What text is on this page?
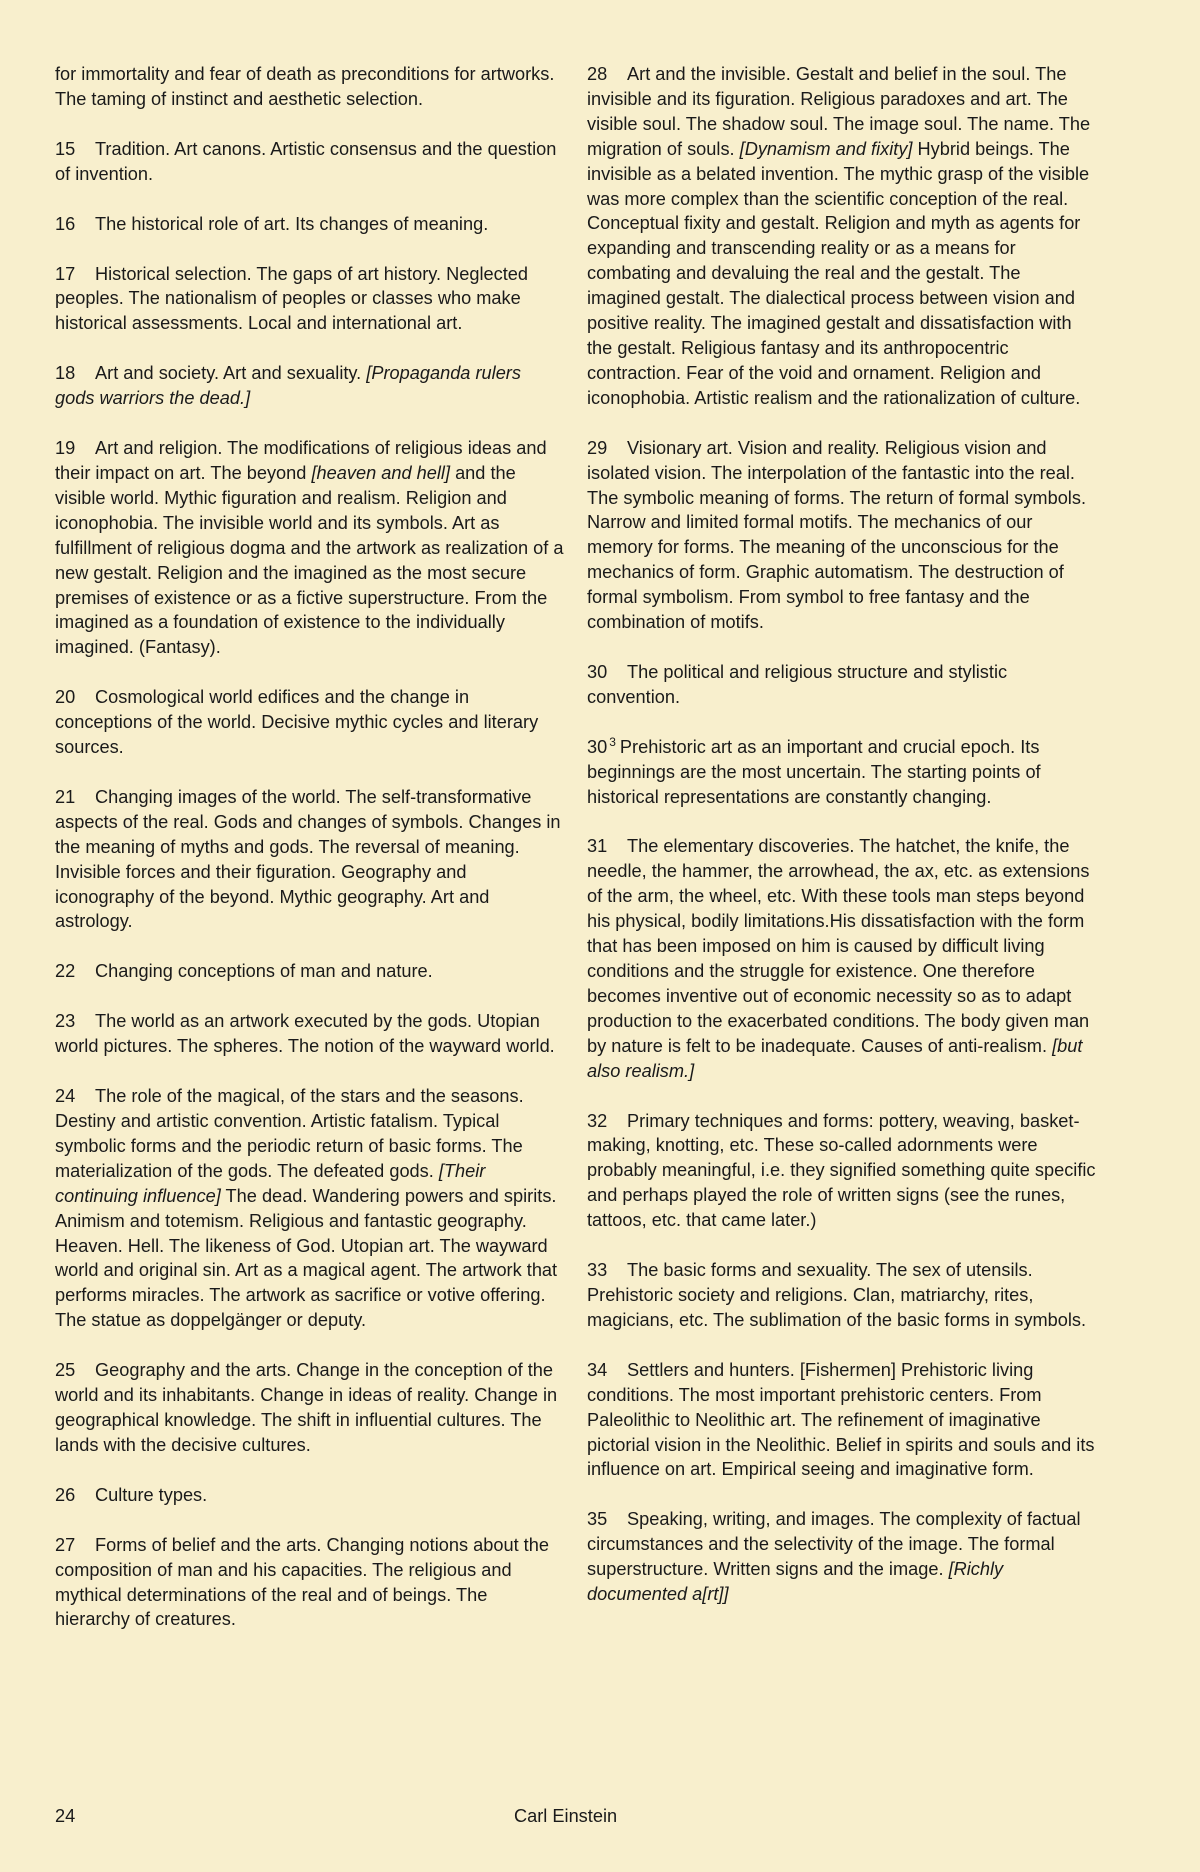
for immortality and fear of death as preconditions for artworks. The taming of instinct and aesthetic selection.

15 Tradition. Art canons. Artistic consensus and the question of invention.

16 The historical role of art. Its changes of meaning.

17 Historical selection. The gaps of art history. Neglected peoples. The nationalism of peoples or classes who make historical assessments. Local and international art.

18 Art and society. Art and sexuality. [Propaganda rulers gods warriors the dead.]

19 Art and religion. The modifications of religious ideas and their impact on art. The beyond [heaven and hell] and the visible world. Mythic figuration and realism. Religion and iconophobia. The invisible world and its symbols. Art as fulfillment of religious dogma and the artwork as realization of a new gestalt. Religion and the imagined as the most secure premises of existence or as a fictive superstructure. From the imagined as a foundation of existence to the individually imagined. (Fantasy).

20 Cosmological world edifices and the change in conceptions of the world. Decisive mythic cycles and literary sources.

21 Changing images of the world. The self-transformative aspects of the real. Gods and changes of symbols. Changes in the meaning of myths and gods. The reversal of meaning. Invisible forces and their figuration. Geography and iconography of the beyond. Mythic geography. Art and astrology.

22 Changing conceptions of man and nature.

23 The world as an artwork executed by the gods. Utopian world pictures. The spheres. The notion of the wayward world.

24 The role of the magical, of the stars and the seasons. Destiny and artistic convention. Artistic fatalism. Typical symbolic forms and the periodic return of basic forms. The materialization of the gods. The defeated gods. [Their continuing influence] The dead. Wandering powers and spirits. Animism and totemism. Religious and fantastic geography. Heaven. Hell. The likeness of God. Utopian art. The wayward world and original sin. Art as a magical agent. The artwork that performs miracles. The artwork as sacrifice or votive offering. The statue as doppelgänger or deputy.

25 Geography and the arts. Change in the conception of the world and its inhabitants. Change in ideas of reality. Change in geographical knowledge. The shift in influential cultures. The lands with the decisive cultures.

26 Culture types.

27 Forms of belief and the arts. Changing notions about the composition of man and his capacities. The religious and mythical determinations of the real and of beings. The hierarchy of creatures.

28 Art and the invisible. Gestalt and belief in the soul. The invisible and its figuration. Religious paradoxes and art. The visible soul. The shadow soul. The image soul. The name. The migration of souls. [Dynamism and fixity] Hybrid beings. The invisible as a belated invention. The mythic grasp of the visible was more complex than the scientific conception of the real. Conceptual fixity and gestalt. Religion and myth as agents for expanding and transcending reality or as a means for combating and devaluing the real and the gestalt. The imagined gestalt. The dialectical process between vision and positive reality. The imagined gestalt and dissatisfaction with the gestalt. Religious fantasy and its anthropocentric contraction. Fear of the void and ornament. Religion and iconophobia. Artistic realism and the rationalization of culture.

29 Visionary art. Vision and reality. Religious vision and isolated vision. The interpolation of the fantastic into the real. The symbolic meaning of forms. The return of formal symbols. Narrow and limited formal motifs. The mechanics of our memory for forms. The meaning of the unconscious for the mechanics of form. Graphic automatism. The destruction of formal symbolism. From symbol to free fantasy and the combination of motifs.

30 The political and religious structure and stylistic convention.

30 $^3$ Prehistoric art as an important and crucial epoch. Its beginnings are the most uncertain. The starting points of historical representations are constantly changing.

31 The elementary discoveries. The hatchet, the knife, the needle, the hammer, the arrowhead, the ax, etc. as extensions of the arm, the wheel, etc. With these tools man steps beyond his physical, bodily limitations.His dissatisfaction with the form that has been imposed on him is caused by difficult living conditions and the struggle for existence. One therefore becomes inventive out of economic necessity so as to adapt production to the exacerbated conditions. The body given man by nature is felt to be inadequate. Causes of anti-realism. [but also realism.]

32 Primary techniques and forms: pottery, weaving, basket-making, knotting, etc. These so-called adornments were probably meaningful, i.e. they signified something quite specific and perhaps played the role of written signs (see the runes, tattoos, etc. that came later.)

33 The basic forms and sexuality. The sex of utensils. Prehistoric society and religions. Clan, matriarchy, rites, magicians, etc. The sublimation of the basic forms in symbols.

34 Settlers and hunters. [Fishermen] Prehistoric living conditions. The most important prehistoric centers. From Paleolithic to Neolithic art. The refinement of imaginative pictorial vision in the Neolithic. Belief in spirits and souls and its influence on art. Empirical seeing and imaginative form.

35 Speaking, writing, and images. The complexity of factual circumstances and the selectivity of the image. The formal superstructure. Written signs and the image. [Richly documented a[rt]]

24	Carl Einstein
